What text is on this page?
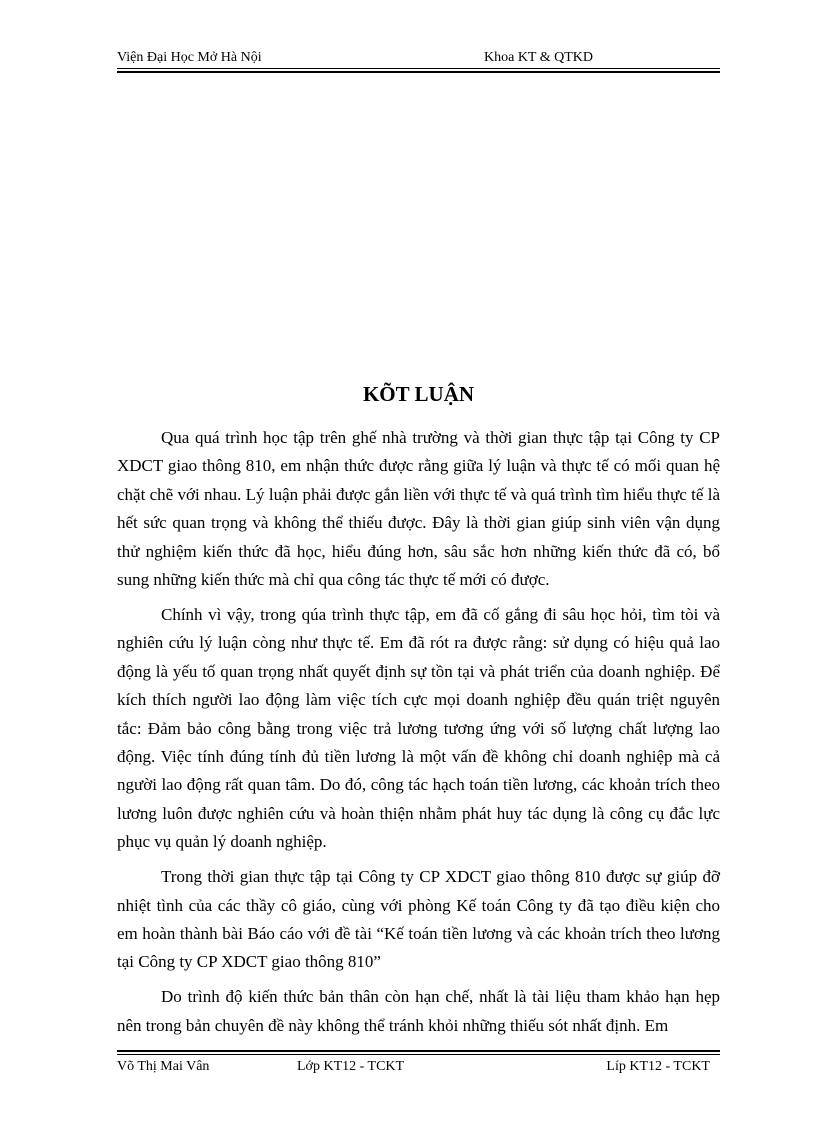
Viện Đại Học Mở Hà Nội	Khoa KT & QTKD
KÕT LUẬN

Qua quá trình học tập trên ghế nhà trường và thời gian thực tập tại Công ty CP XDCT giao thông 810, em nhận thức được rằng giữa lý luận và thực tế có mối quan hệ chặt chẽ với nhau. Lý luận phải được gắn liền với thực tế và quá trình tìm hiểu thực tế là hết sức quan trọng và không thể thiếu được. Đây là thời gian giúp sinh viên vận dụng thử nghiệm kiến thức đã học, hiểu đúng hơn, sâu sắc hơn những kiến thức đã có, bổ sung những kiến thức mà chỉ qua công tác thực tế mới có được.

Chính vì vậy, trong qúa trình thực tập, em đã cố gắng đi sâu học hỏi, tìm tòi và nghiên cứu lý luận còng như thực tế. Em đã rót ra được rằng: sử dụng có hiệu quả lao động là yếu tố quan trọng nhất quyết định sự tồn tại và phát triển của doanh nghiệp. Để kích thích người lao động làm việc tích cực mọi doanh nghiệp đều quán triệt nguyên tắc: Đảm bảo công bằng trong việc trả lương tương ứng với số lượng chất lượng lao động. Việc tính đúng tính đủ tiền lương là một vấn đề không chỉ doanh nghiệp mà cả người lao động rất quan tâm. Do đó, công tác hạch toán tiền lương, các khoản trích theo lương luôn được nghiên cứu và hoàn thiện nhằm phát huy tác dụng là công cụ đắc lực phục vụ quản lý doanh nghiệp.

Trong thời gian thực tập tại Công ty CP XDCT giao thông 810 được sự giúp đỡ nhiệt tình của các thầy cô giáo, cùng với phòng Kế toán Công ty đã tạo điều kiện cho em hoàn thành bài Báo cáo với đề tài “Kế toán tiền lương và các khoản trích theo lương tại Công ty CP XDCT giao thông 810”

Do trình độ kiến thức bản thân còn hạn chế, nhất là tài liệu tham khảo hạn hẹp nên trong bản chuyên đề này không thể tránh khỏi những thiếu sót nhất định. Em

Võ Thị Mai Vân	Lớp KT12 - TCKT	Líp KT12 - TCKT
